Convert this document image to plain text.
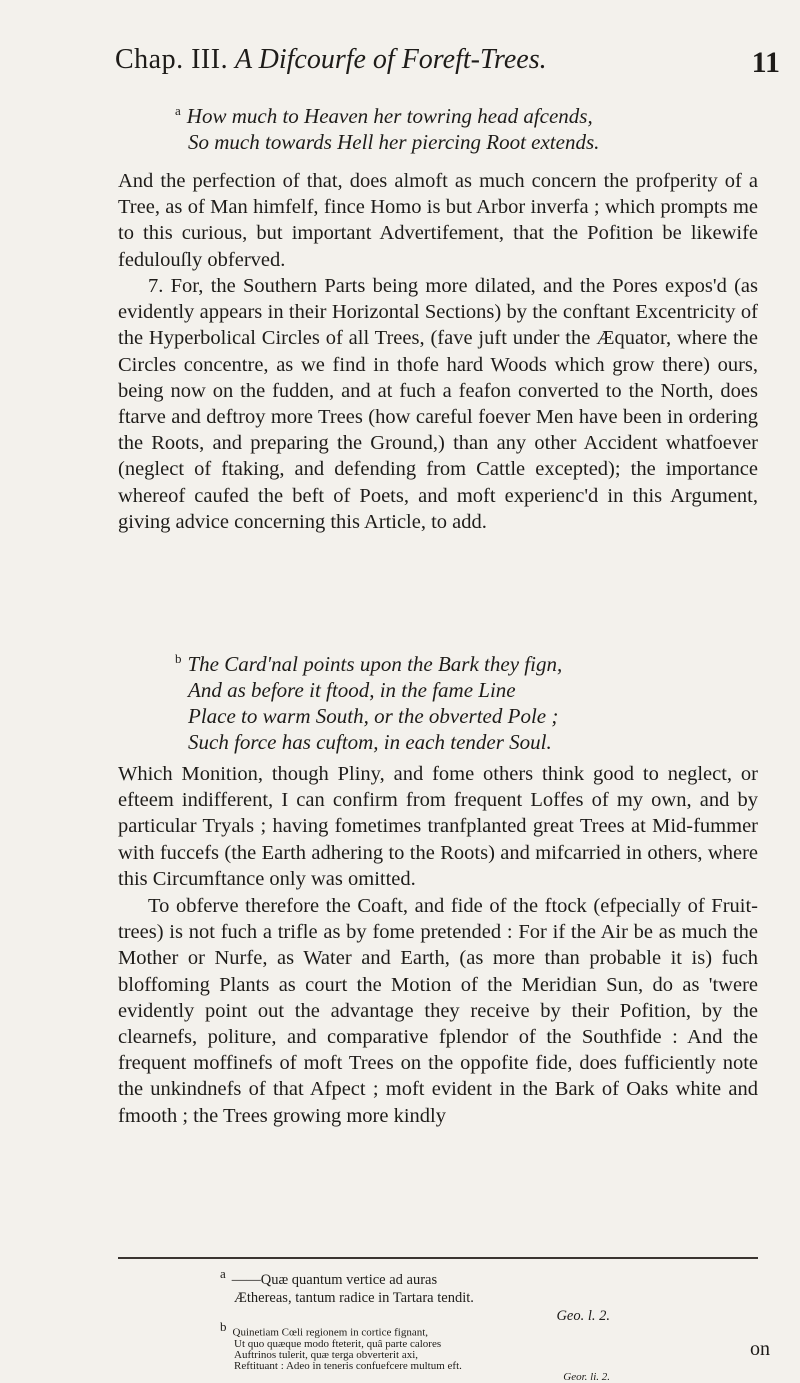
Chap. III. A Difcourfe of Foreft-Trees.	11
$^a$ How much to Heaven her towring head afcends,
So much towards Hell her piercing Root extends.

And the perfection of that, does almoft as much concern the profperity of a Tree, as of Man himfelf, fince Homo is but Arbor inverfa ; which prompts me to this curious, but important Advertifement, that the Pofition be likewife fedulouſly obferved.

7. For, the Southern Parts being more dilated, and the Pores expos'd (as evidently appears in their Horizontal Sections) by the conftant Excentricity of the Hyperbolical Circles of all Trees, (fave juft under the Æquator, where the Circles concentre, as we find in thofe hard Woods which grow there) ours, being now on the fudden, and at fuch a feafon converted to the North, does ftarve and deftroy more Trees (how careful foever Men have been in ordering the Roots, and preparing the Ground,) than any other Accident whatfoever (neglect of ftaking, and defending from Cattle excepted); the importance whereof caufed the beft of Poets, and moft experienc'd in this Argument, giving advice concerning this Article, to add.

$^b$ The Card'nal points upon the Bark they fign,
And as before it ftood, in the fame Line
Place to warm South, or the obverted Pole ;
Such force has cuftom, in each tender Soul.

Which Monition, though Pliny, and fome others think good to neglect, or efteem indifferent, I can confirm from frequent Loffes of my own, and by particular Tryals ; having fometimes tranfplanted great Trees at Mid-fummer with fuccefs (the Earth adhering to the Roots) and mifcarried in others, where this Circumftance only was omitted.

To obferve therefore the Coaft, and fide of the ftock (efpecially of Fruit-trees) is not fuch a trifle as by fome pretended : For if the Air be as much the Mother or Nurfe, as Water and Earth, (as more than probable it is) fuch bloffoming Plants as court the Motion of the Meridian Sun, do as 'twere evidently point out the advantage they receive by their Pofition, by the clearnefs, politure, and comparative fplendor of the Southfide : And the frequent moffinefs of moft Trees on the oppofite fide, does fufficiently note the unkindnefs of that Afpect ; moft evident in the Bark of Oaks white and fmooth ; the Trees growing more kindly

a ——Quæ quantum vertice ad auras
Æthereas, tantum radice in Tartara tendit.
Geo. l. 2.
b Quinetiam Cœli regionem in cortice fignant,
Ut quo quæque modo fteterit, quâ parte calores
Auftrinos tulerit, quæ terga obverterit axi,
Reftituant : Adeo in teneris confuefcere multum eft.
Geor. li. 2.
on
